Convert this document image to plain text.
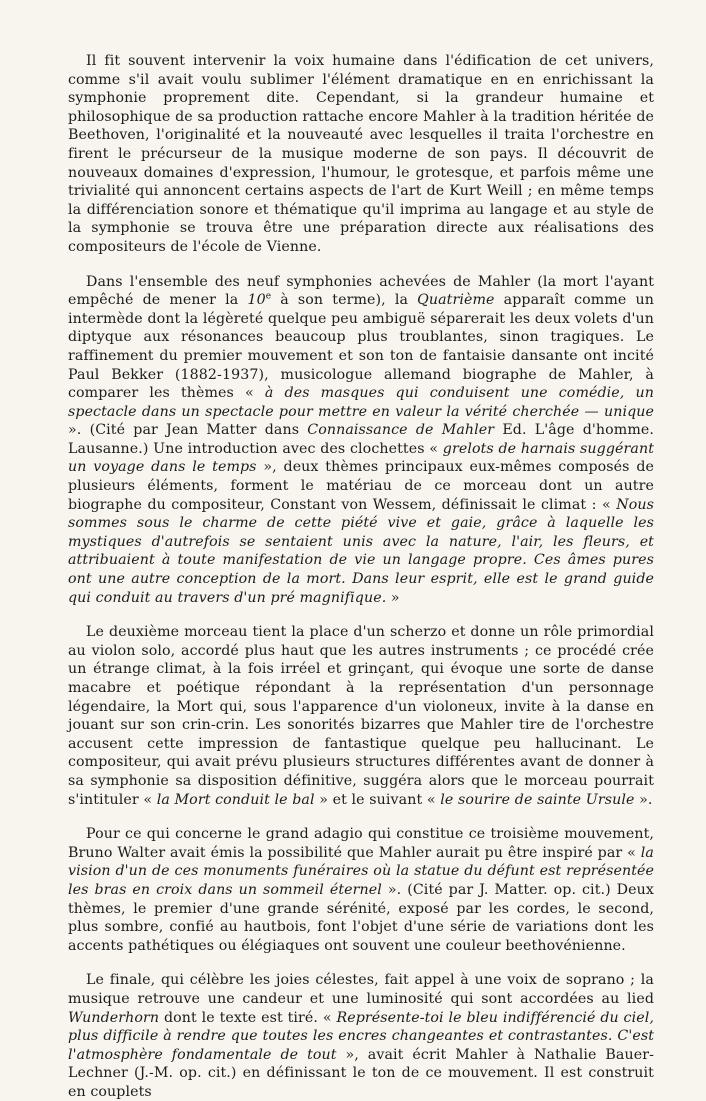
Il fit souvent intervenir la voix humaine dans l'édification de cet univers, comme s'il avait voulu sublimer l'élément dramatique en en enrichissant la symphonie proprement dite. Cependant, si la grandeur humaine et philosophique de sa production rattache encore Mahler à la tradition héritée de Beethoven, l'originalité et la nouveauté avec lesquelles il traita l'orchestre en firent le précurseur de la musique moderne de son pays. Il découvrit de nouveaux domaines d'expression, l'humour, le grotesque, et parfois même une trivialité qui annoncent certains aspects de l'art de Kurt Weill ; en même temps la différenciation sonore et thématique qu'il imprima au langage et au style de la symphonie se trouva être une préparation directe aux réalisations des compositeurs de l'école de Vienne.

Dans l'ensemble des neuf symphonies achevées de Mahler (la mort l'ayant empêché de mener la 10e à son terme), la Quatrième apparaît comme un intermède dont la légèreté quelque peu ambiguë séparerait les deux volets d'un diptyque aux résonances beaucoup plus troublantes, sinon tragiques. Le raffinement du premier mouvement et son ton de fantaisie dansante ont incité Paul Bekker (1882-1937), musicologue allemand biographe de Mahler, à comparer les thèmes « à des masques qui conduisent une comédie, un spectacle dans un spectacle pour mettre en valeur la vérité cherchée — unique ». (Cité par Jean Matter dans Connaissance de Mahler Ed. L'âge d'homme. Lausanne.) Une introduction avec des clochettes « grelots de harnais suggérant un voyage dans le temps », deux thèmes principaux eux-mêmes composés de plusieurs éléments, forment le matériau de ce morceau dont un autre biographe du compositeur, Constant von Wessem, définissait le climat : « Nous sommes sous le charme de cette piété vive et gaie, grâce à laquelle les mystiques d'autrefois se sentaient unis avec la nature, l'air, les fleurs, et attribuaient à toute manifestation de vie un langage propre. Ces âmes pures ont une autre conception de la mort. Dans leur esprit, elle est le grand guide qui conduit au travers d'un pré magnifique. »

Le deuxième morceau tient la place d'un scherzo et donne un rôle primordial au violon solo, accordé plus haut que les autres instruments ; ce procédé crée un étrange climat, à la fois irréel et grinçant, qui évoque une sorte de danse macabre et poétique répondant à la représentation d'un personnage légendaire, la Mort qui, sous l'apparence d'un violoneux, invite à la danse en jouant sur son crin-crin. Les sonorités bizarres que Mahler tire de l'orchestre accusent cette impression de fantastique quelque peu hallucinant. Le compositeur, qui avait prévu plusieurs structures différentes avant de donner à sa symphonie sa disposition définitive, suggéra alors que le morceau pourrait s'intituler « la Mort conduit le bal » et le suivant « le sourire de sainte Ursule ».

Pour ce qui concerne le grand adagio qui constitue ce troisième mouvement, Bruno Walter avait émis la possibilité que Mahler aurait pu être inspiré par « la vision d'un de ces monuments funéraires où la statue du défunt est représentée les bras en croix dans un sommeil éternel ». (Cité par J. Matter. op. cit.) Deux thèmes, le premier d'une grande sérénité, exposé par les cordes, le second, plus sombre, confié au hautbois, font l'objet d'une série de variations dont les accents pathétiques ou élégiaques ont souvent une couleur beethovénienne.

Le finale, qui célèbre les joies célestes, fait appel à une voix de soprano ; la musique retrouve une candeur et une luminosité qui sont accordées au lied Wunderhorn dont le texte est tiré. « Représente-toi le bleu indifférencié du ciel, plus difficile à rendre que toutes les encres changeantes et contrastantes. C'est l'atmosphère fondamentale de tout », avait écrit Mahler à Nathalie Bauer-Lechner (J.-M. op. cit.) en définissant le ton de ce mouvement. Il est construit en couplets
